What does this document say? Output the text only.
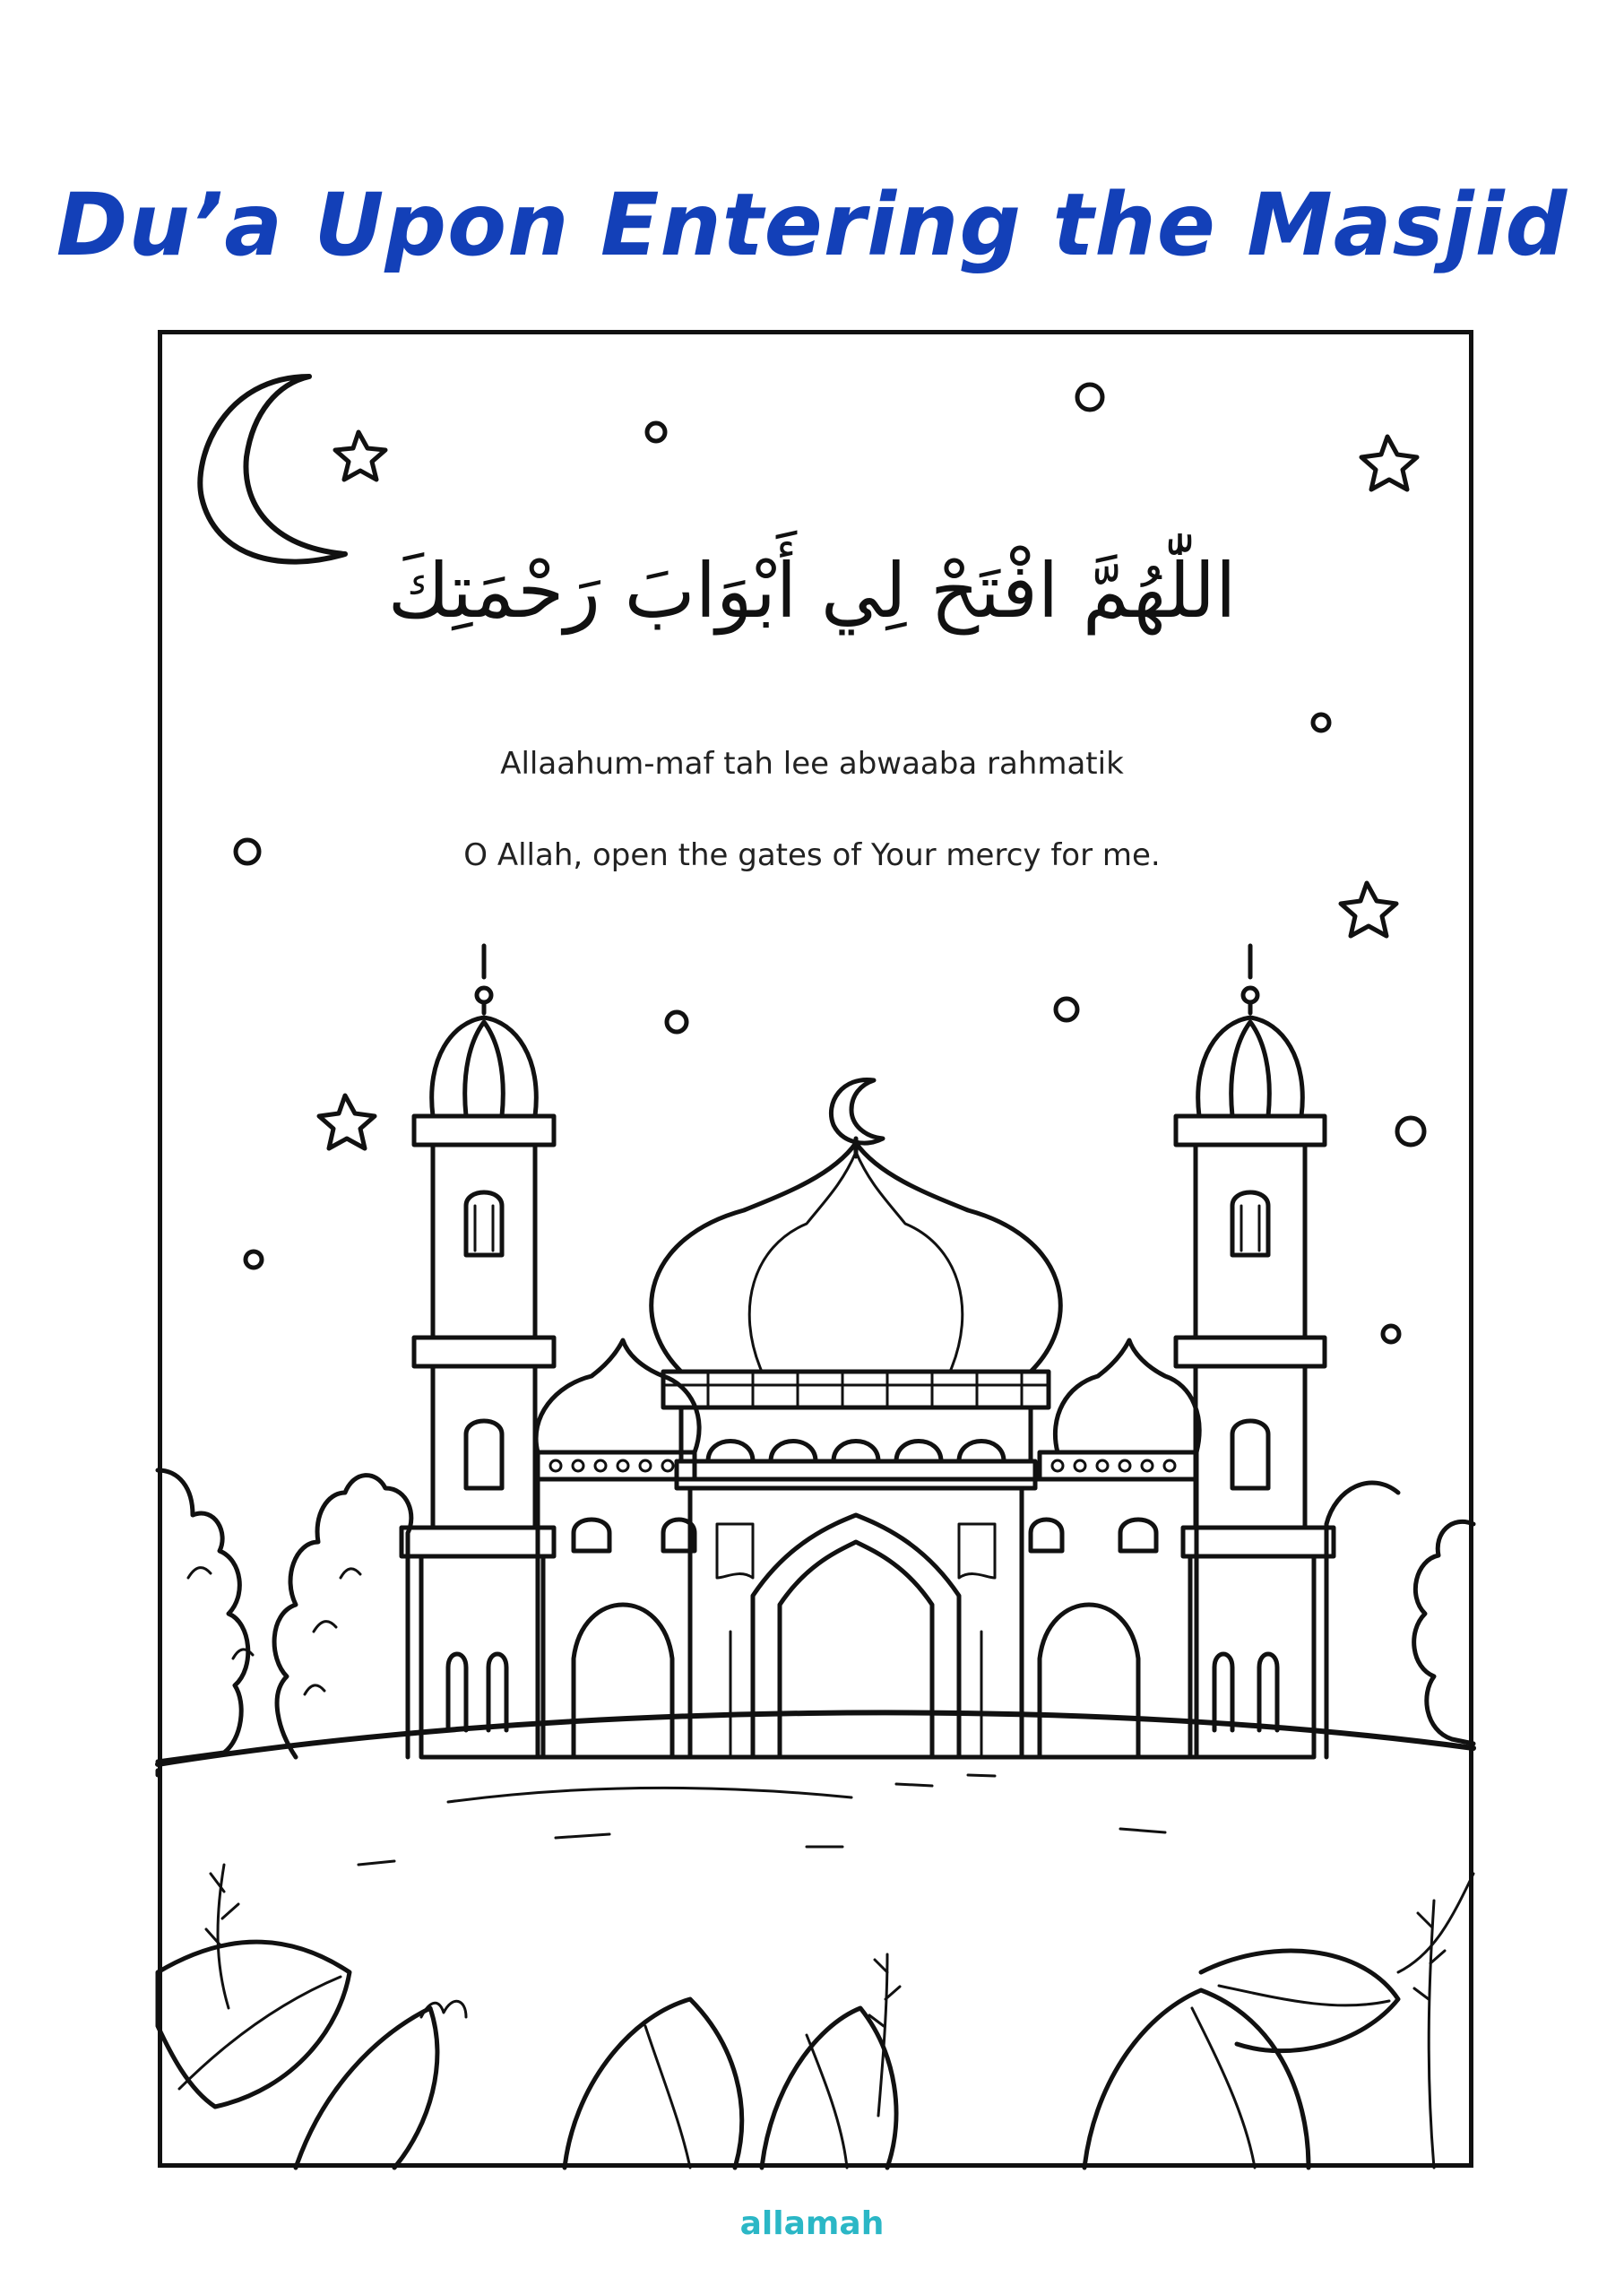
Du’a Upon Entering the Masjid
اللّٰهُمَّ افْتَحْ لِي أَبْوَابَ رَحْمَتِكَ
Allaahum-maf tah lee abwaaba rahmatik
O Allah, open the gates of Your mercy for me.
allamah
